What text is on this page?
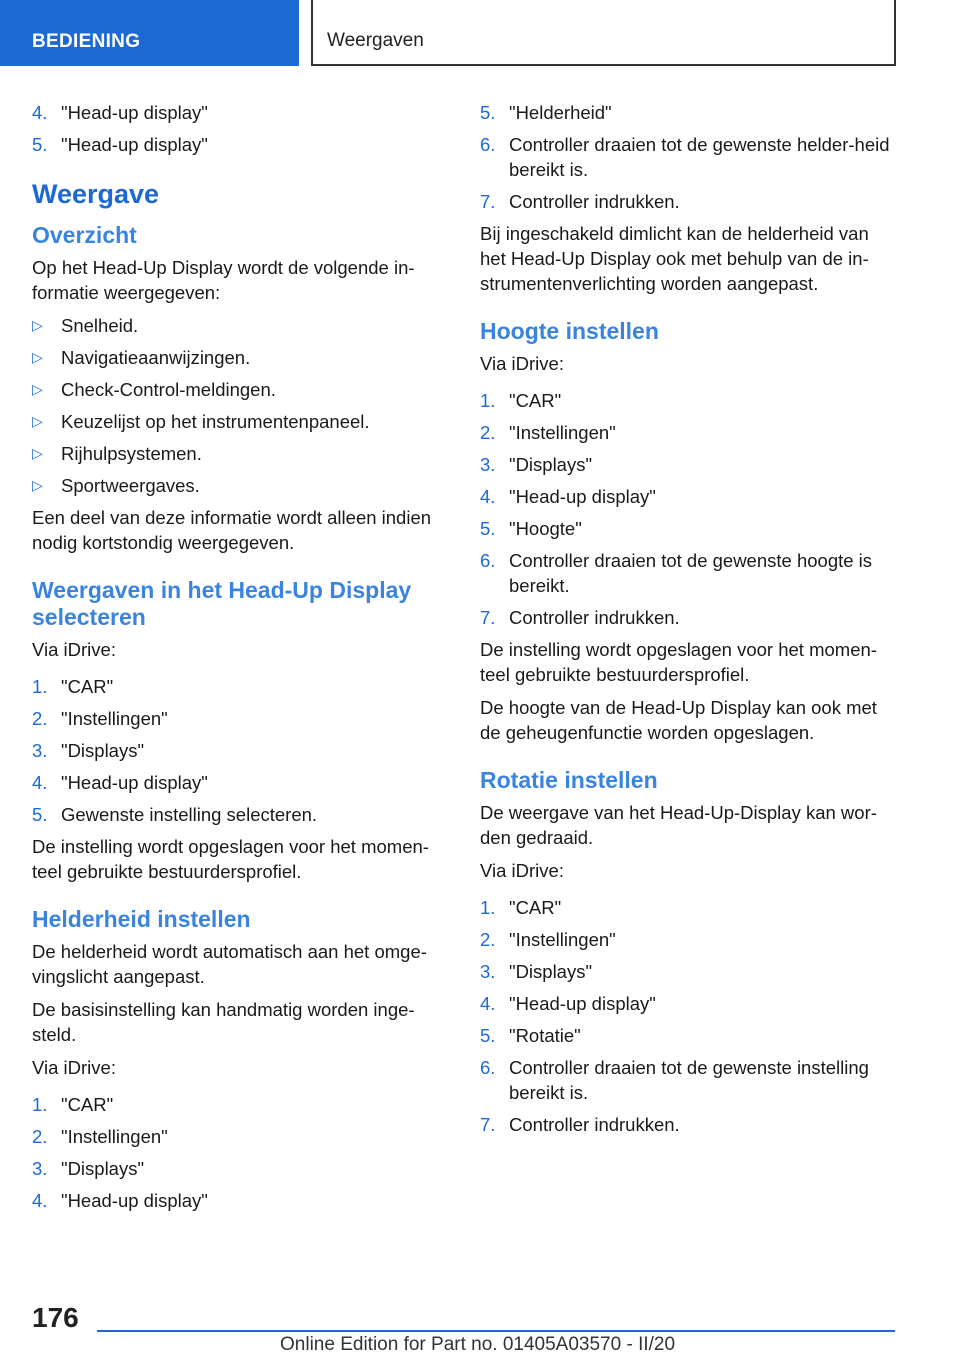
BEDIENING	Weergaven
4. "Head-up display"
5. "Head-up display"
Weergave
Overzicht
Op het Head-Up Display wordt de volgende in-formatie weergegeven:
▷ Snelheid.
▷ Navigatieaanwijzingen.
▷ Check-Control-meldingen.
▷ Keuzelijst op het instrumentenpaneel.
▷ Rijhulpsystemen.
▷ Sportweergaves.
Een deel van deze informatie wordt alleen indien nodig kortstondig weergegeven.
Weergaven in het Head-Up Display selecteren
Via iDrive:
1. "CAR"
2. "Instellingen"
3. "Displays"
4. "Head-up display"
5. Gewenste instelling selecteren.
De instelling wordt opgeslagen voor het momen-teel gebruikte bestuurdersprofiel.
Helderheid instellen
De helderheid wordt automatisch aan het omge-vingslicht aangepast.
De basisinstelling kan handmatig worden inge-steld.
Via iDrive:
1. "CAR"
2. "Instellingen"
3. "Displays"
4. "Head-up display"
5. "Helderheid"
6. Controller draaien tot de gewenste helder-heid bereikt is.
7. Controller indrukken.
Bij ingeschakeld dimlicht kan de helderheid van het Head-Up Display ook met behulp van de in-strumentenverlichting worden aangepast.
Hoogte instellen
Via iDrive:
1. "CAR"
2. "Instellingen"
3. "Displays"
4. "Head-up display"
5. "Hoogte"
6. Controller draaien tot de gewenste hoogte is bereikt.
7. Controller indrukken.
De instelling wordt opgeslagen voor het momen-teel gebruikte bestuurdersprofiel.
De hoogte van de Head-Up Display kan ook met de geheugenfunctie worden opgeslagen.
Rotatie instellen
De weergave van het Head-Up-Display kan wor-den gedraaid.
Via iDrive:
1. "CAR"
2. "Instellingen"
3. "Displays"
4. "Head-up display"
5. "Rotatie"
6. Controller draaien tot de gewenste instelling bereikt is.
7. Controller indrukken.
176
Online Edition for Part no. 01405A03570 - II/20
